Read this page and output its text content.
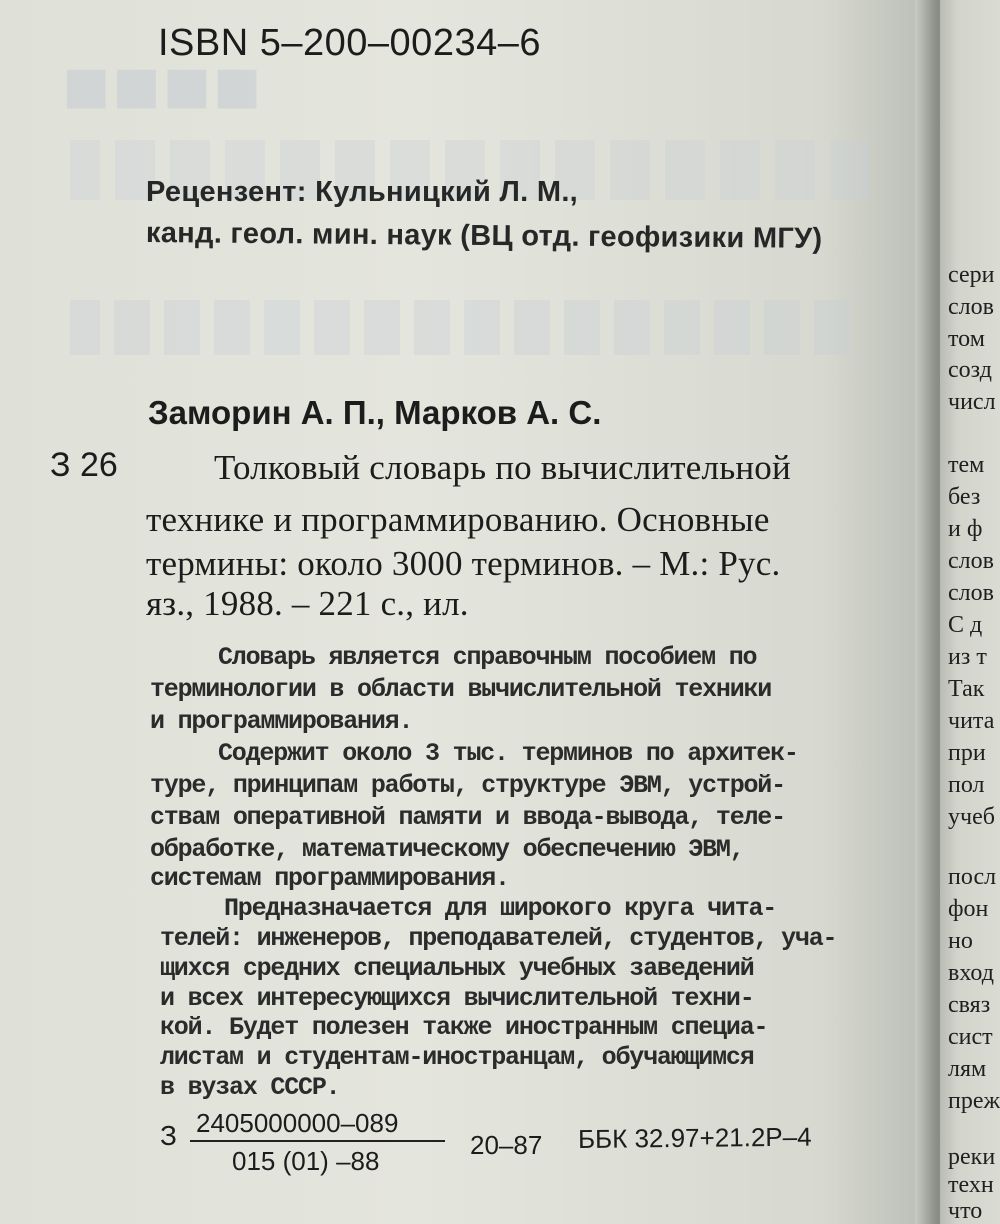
■■■■
ISBN 5–200–00234–6
Рецензент: Кульницкий Л. М.,
канд. геол. мин. наук (ВЦ отд. геофизики МГУ)
Заморин А. П., Марков А. С.
З 26	Толковый словарь по вычислительной
технике и программированию. Основные
термины: около 3000 терминов. – М.: Рус.
яз., 1988. – 221 с., ил.
Словарь является справочным пособием по
терминологии в области вычислительной техники
и программирования.
Содержит около 3 тыс. терминов по архитек-
туре, принципам работы, структуре ЭВМ, устрой-
ствам оперативной памяти и ввода-вывода, теле-
обработке, математическому обеспечению ЭВМ,
системам программирования.
Предназначается для широкого круга чита-
телей: инженеров, преподавателей, студентов, уча-
щихся средних специальных учебных заведений
и всех интересующихся вычислительной техни-
кой. Будет полезен также иностранным специа-
листам и студентам-иностранцам, обучающимся
в вузах СССР.
З 2405000000–089
015 (01) –88
20–87 ББК 32.97+21.2Р–4
сери
слов
том
созд
числ
тем
без
и ф
слов
слов
С д
из т
Так
чита
при
пол
учеб
посл
фон
но
вход
связ
сист
лям
преж
реки
техн
что
